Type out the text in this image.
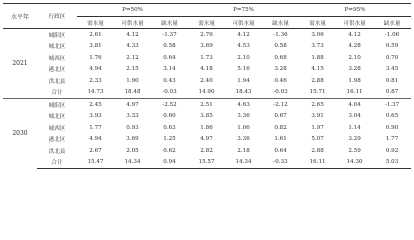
水平年	行政区	P=50%			P=75%			P=95%		
		需水量	可供水量	缺水量	需水量	可供水量	缺水量	需水量	可供水量	缺水量
2021	城阳区	2.61	4.12	-1.37	2.76	4.12	-1.36	3.06	4.12	-1.06
	城北区	3.81	4.33	0.58	3.69	4.53	0.58	3.73	4.28	0.59
	城西区	1.76	2.12	0.64	1.73	2.10	0.68	1.88	2.10	0.70
	港北区	4.94	2.15	3.14	4.18	5.16	3.28	4.15	3.28	3.45
	洪北县	2.33	1.90	0.43	2.40	1.94	0.46	2.88	1.98	0.81
	合计	14.73	18.48	-0.03	14.90	18.43	-0.03	15.71	16.11	0.87
2030	城阳区	2.45	4.97	-2.52	2.51	4.63	-2.12	2.65	4.04	-1.37
	城北区	3.93	3.33	0.60	3.85	3.36	0.67	3.91	3.04	0.65
	城西区	1.77	0.93	0.63	1.86	1.06	0.82	1.97	1.14	0.90
	港北区	4.94	3.69	1.25	4.97	3.36	1.61	5.07	3.29	1.77
	洪北县	2.67	2.05	0.62	2.82	2.18	0.64	2.88	2.59	0.92
	合计	15.47	14.34	0.94	15.57	14.34	-0.33	16.11	14.30	5.03
